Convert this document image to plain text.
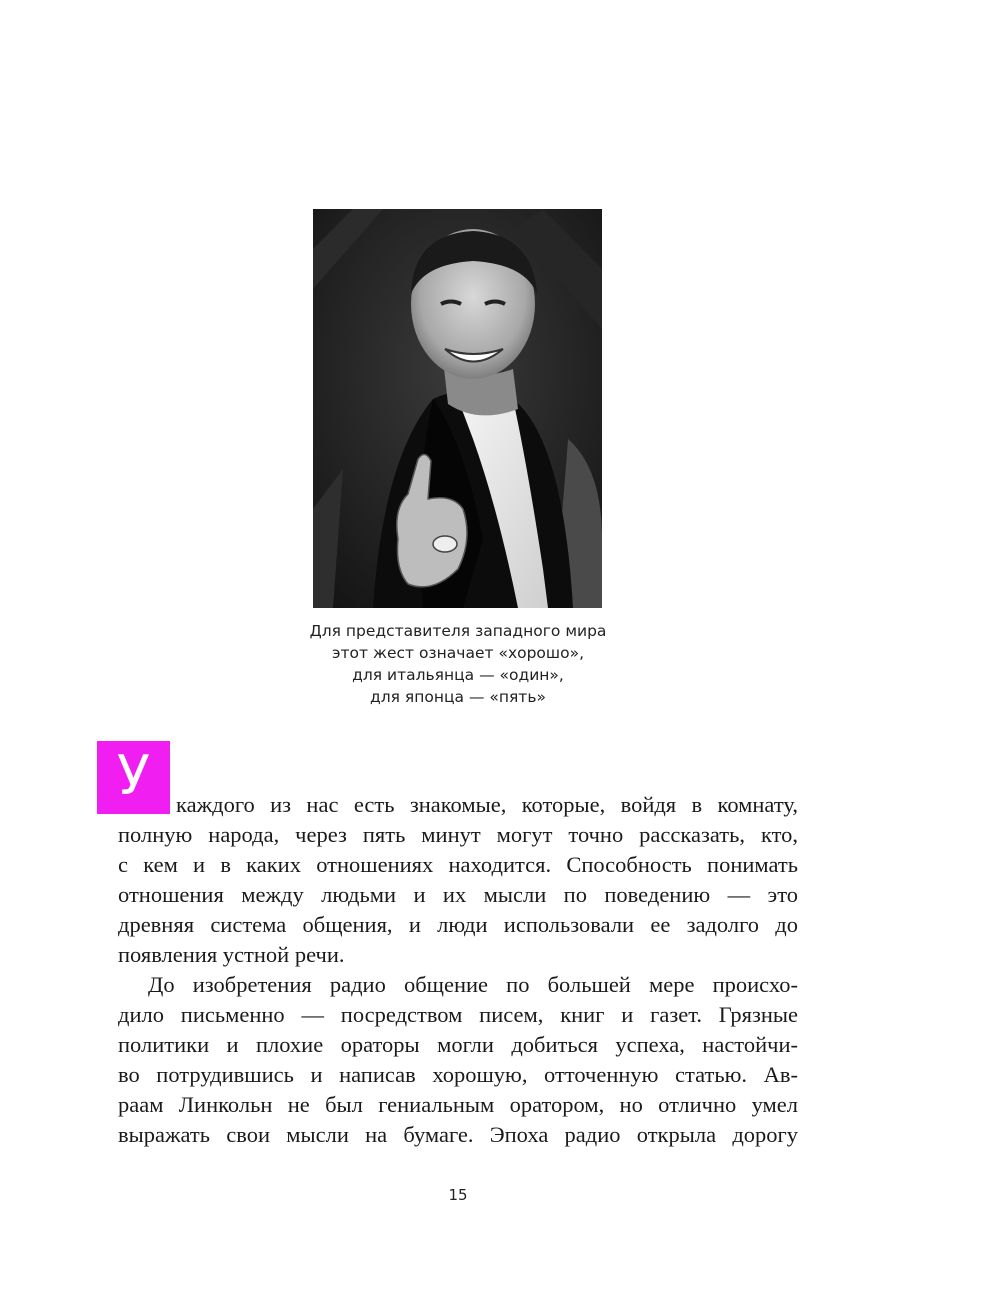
Для представителя западного мира
этот жест означает «хорошо»,
для итальянца — «один»,
для японца — «пять»
У	каждого из нас есть знакомые, которые, войдя в комнату,
полную народа, через пять минут могут точно рассказать, кто,
с кем и в каких отношениях находится. Способность понимать
отношения между людьми и их мысли по поведению — это
древняя система общения, и люди использовали ее задолго до
появления устной речи.
До изобретения радио общение по большей мере происхо-
дило письменно — посредством писем, книг и газет. Грязные
политики и плохие ораторы могли добиться успеха, настойчи-
во потрудившись и написав хорошую, отточенную статью. Ав-
раам Линкольн не был гениальным оратором, но отлично умел
выражать свои мысли на бумаге. Эпоха радио открыла дорогу
15
